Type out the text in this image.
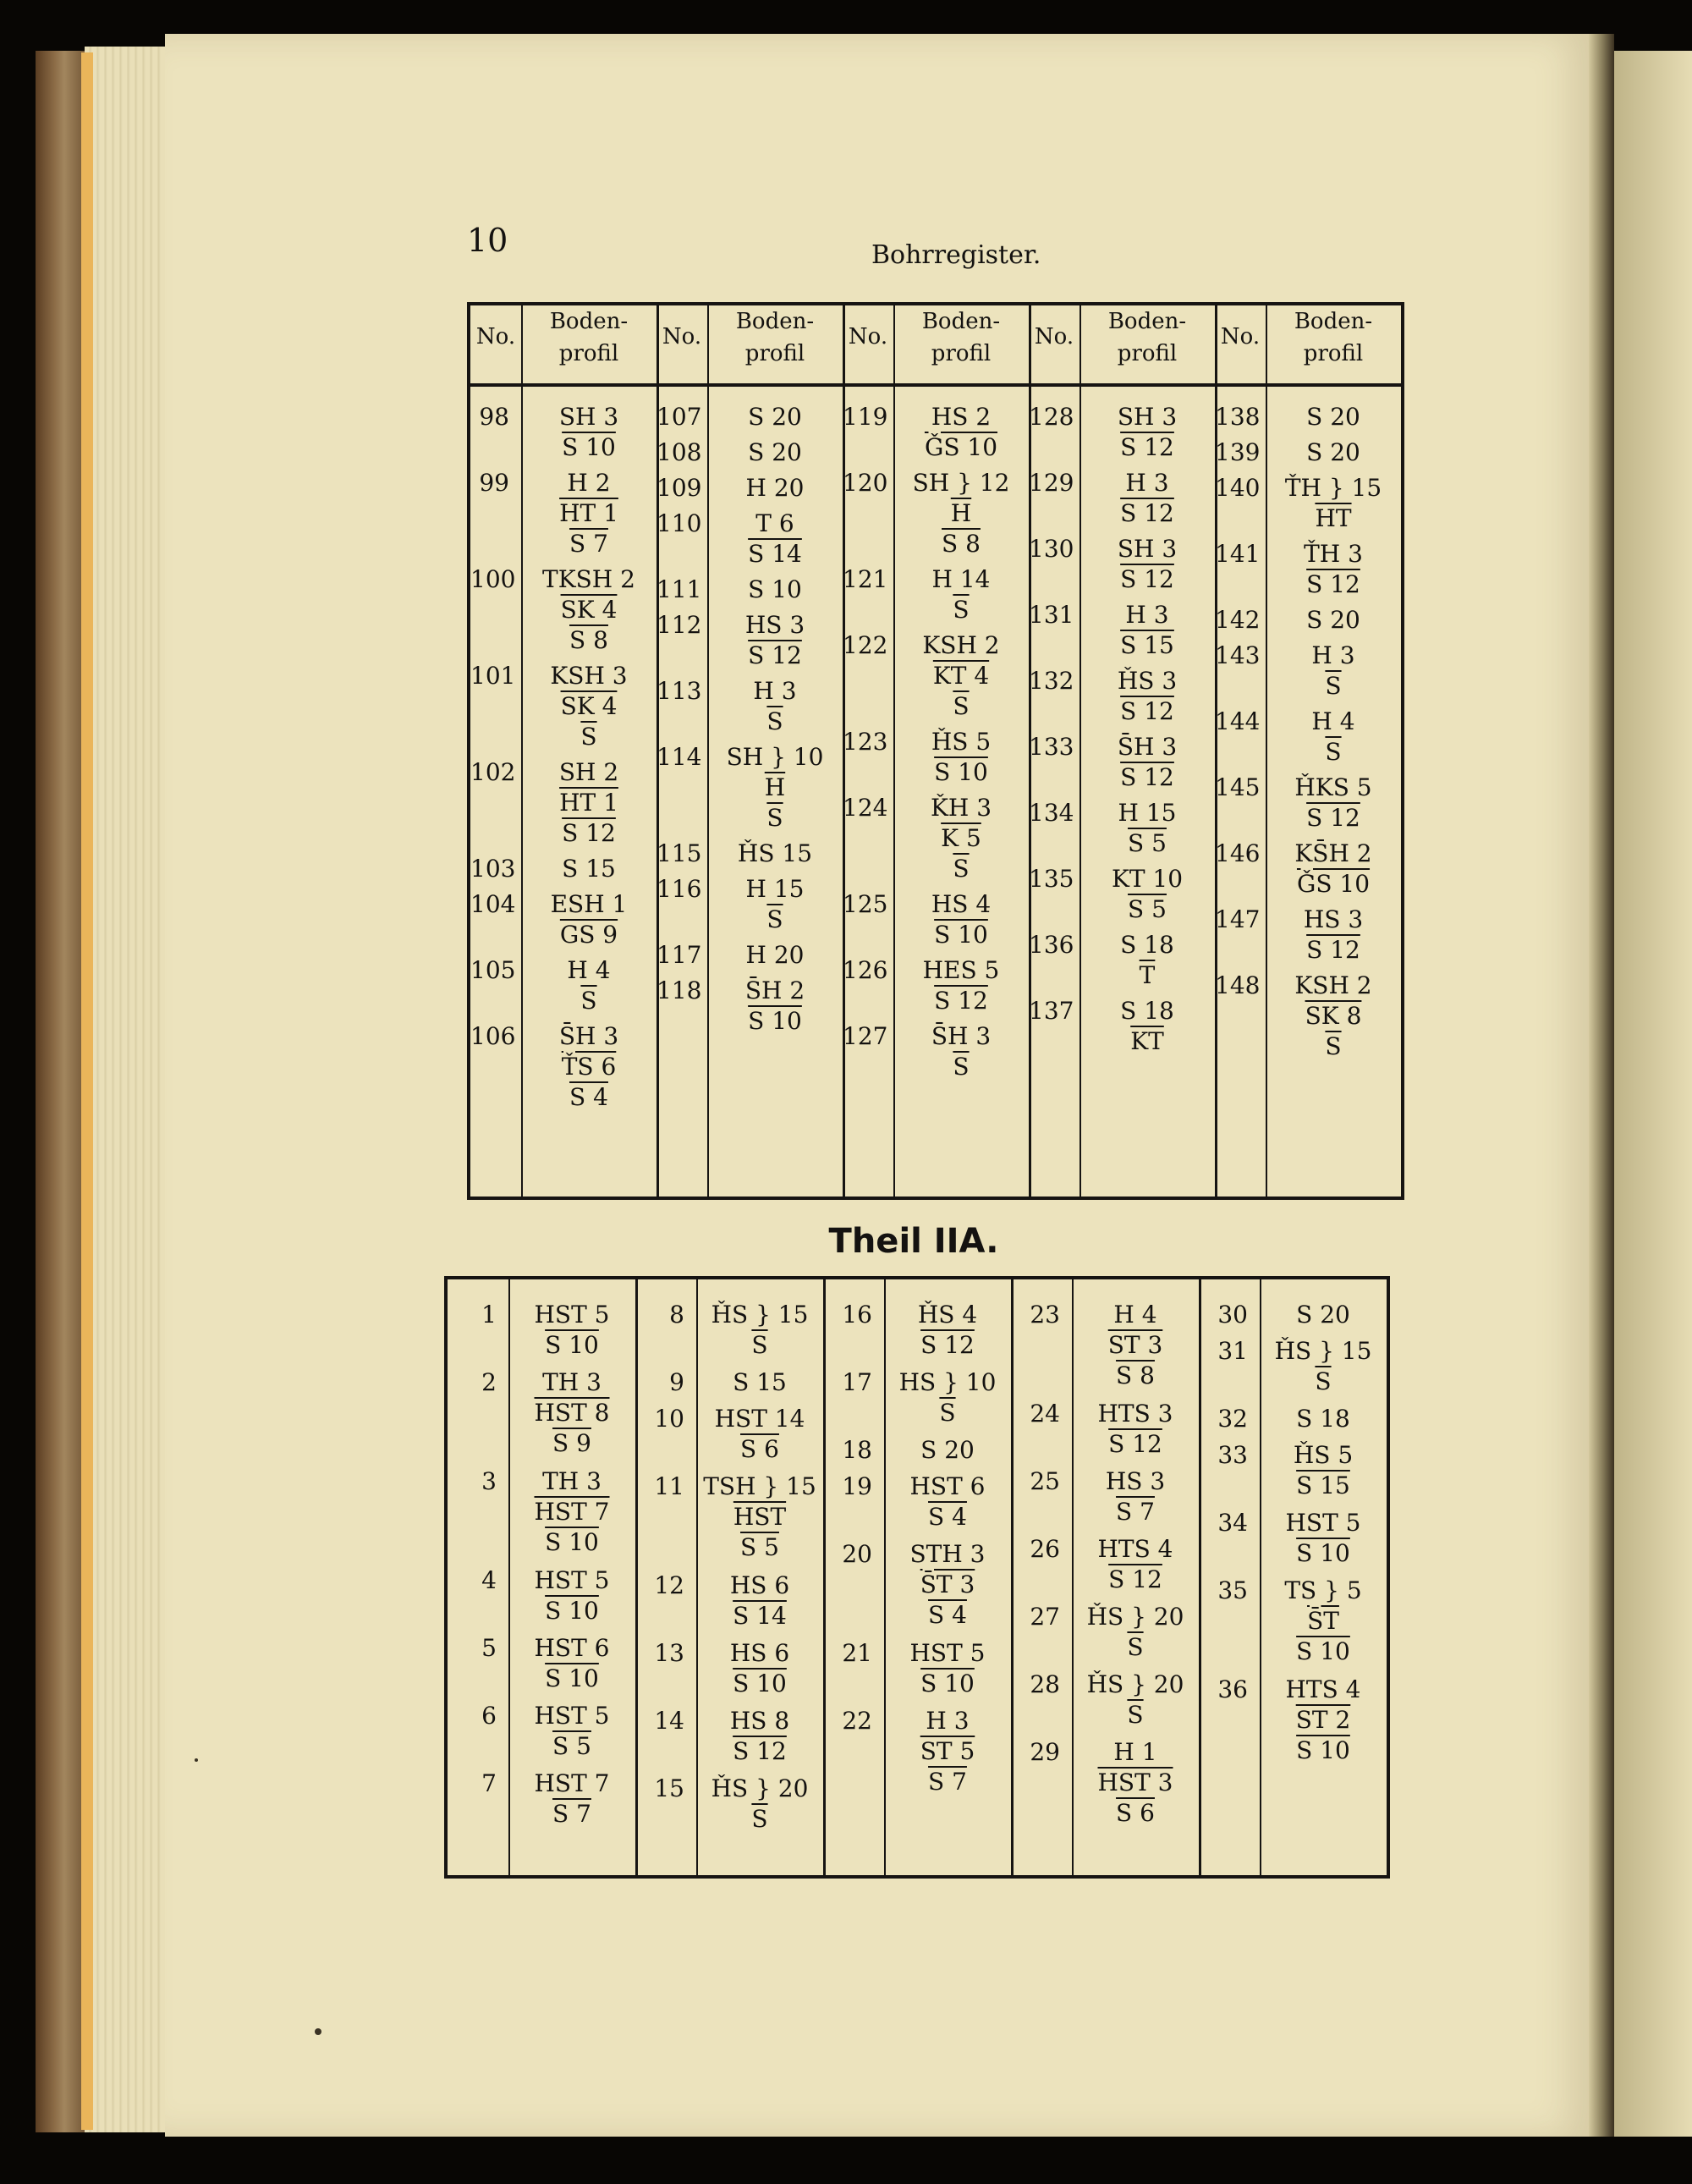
10	Bohrregister.
No.
Boden-
profil
98	SH 3
S 10
99	H 2
HT 1
S 7
100	TKSH 2
SK 4
S 8
101	KSH 3
SK 4
$\overline{S}$
102	SH 2
HT 1
S 12
103	S 15
104	ESH 1
GS 9
105	H 4
$\overline{S}$
106	S̄H 3
ŤS 6
S 4
No.
Boden-
profil
107	S 20
108	S 20
109	H 20
110	T 6
S 14
111	S 10
112	HS 3
S 12
113	H 3
$\overline{S}$
114	SH } 10
$\overline{H}$
$\overline{S}$
115	ȞS 15
116	H 15
$\overline{S}$
117	H 20
118	S̄H 2
S 10
No.
Boden-
profil
119	HS 2
ǦS 10
120	SH } 12
$\overline{H}$
S 8
121	H 14
$\overline{S}$
122	KSH 2
KT 4
$\overline{S}$
123	ȞS 5
S 10
124	ǨH 3
K 5
$\overline{S}$
125	HS 4
S 10
126	HES 5
S 12
127	S̄H 3
$\overline{S}$
No.
Boden-
profil
128	SH 3
S 12
129	H 3
S 12
130	SH 3
S 12
131	H 3
S 15
132	ȞS 3
S 12
133	S̄H 3
S 12
134	H 15
S 5
135	KT 10
S 5
136	S 18
$\overline{T}$
137	S 18
$\overline{KT}$
No.
Boden-
profil
138	S 20
139	S 20
140	ŤH } 15
$\overline{HT}$
141	ŤH 3
S 12
142	S 20
143	H 3
$\overline{S}$
144	H 4
$\overline{S}$
145	ȞKS 5
S 12
146	KS̄H 2
ǦS 10
147	HS 3
S 12
148	KSH 2
SK 8
$\overline{S}$
Theil IIA.
1	HST 5
S 10
2	TH 3
HST 8
S 9
3	TH 3
HST 7
S 10
4	HST 5
S 10
5	HST 6
S 10
6	HST 5
S 5
7	HST 7
S 7
8	ȞS } 15
$\overline{S}$
9	S 15
10	HST 14
S 6
11 TSH } 15
$\overline{HST}$
S 5
12	HS 6
S 14
13	HS 6
S 10
14	HS 8
S 12
15	ȞS } 20
$\overline{S}$
16	ȞS 4
S 12
17	HS } 10
$\overline{S}$
18	S 20
19	HST 6
S 4
20	STH 3
S̄T 3
S 4
21	HST 5
S 10
22	H 3
ST 5
S 7
23	H 4
ST 3
S 8
24	HTS 3
S 12
25	HS 3
S 7
26	HTS 4
S 12
27	ȞS } 20
$\overline{S}$
28	ȞS } 20
$\overline{S}$
29	H 1
HST 3
S 6
30	S 20
31	ȞS } 15
$\overline{S}$
32	S 18
33	ȞS 5
S 15
34	HST 5
S 10
35	TS } 5
S̄T
S 10
36	HTS 4
ST 2
S 10
